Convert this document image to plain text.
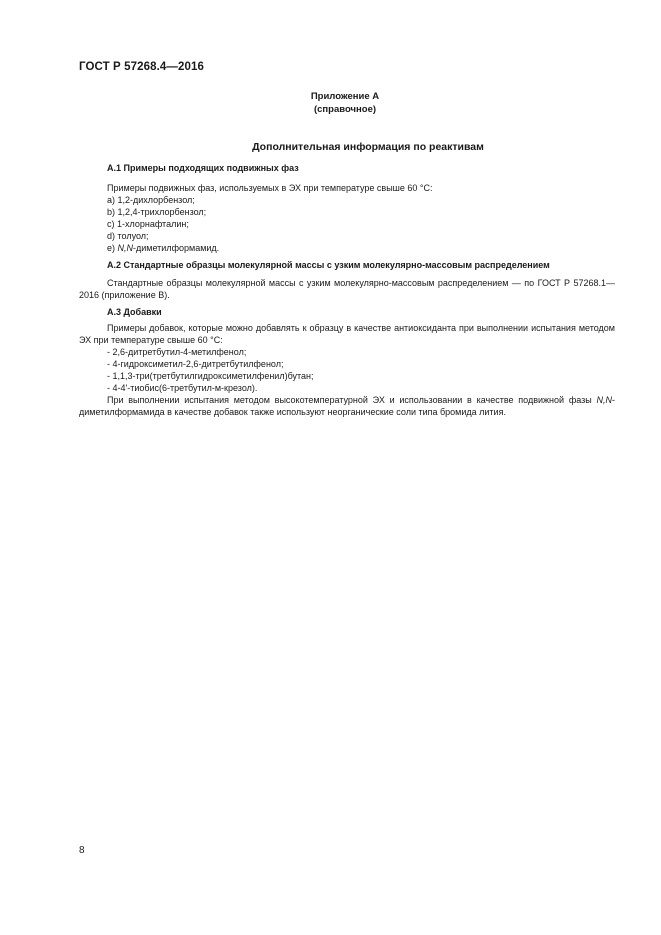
ГОСТ Р 57268.4—2016
Приложение А
(справочное)
Дополнительная информация по реактивам
А.1 Примеры подходящих подвижных фаз
Примеры подвижных фаз, используемых в ЭХ при температуре свыше 60 °С:
а) 1,2-дихлорбензол;
b) 1,2,4-трихлорбензол;
с) 1-хлорнафталин;
d) толуол;
e) N,N-диметилформамид.
А.2 Стандартные образцы молекулярной массы с узким молекулярно-массовым распределением

Стандартные образцы молекулярной массы с узким молекулярно-массовым распределением — по ГОСТ Р 57268.1—2016 (приложение В).

А.3 Добавки

Примеры добавок, которые можно добавлять к образцу в качестве антиоксиданта при выполнении испытания методом ЭХ при температуре свыше 60 °С:

- 2,6-дитретбутил-4-метилфенол;
- 4-гидроксиметил-2,6-дитретбутилфенол;
- 1,1,3-три(третбутилгидроксиметилфенил)бутан;
- 4-4'-тиобис(6-третбутил-м-крезол).

При выполнении испытания методом высокотемпературной ЭХ и использовании в качестве подвижной фазы N,N-диметилформамида в качестве добавок также используют неорганические соли типа бромида лития.

8
